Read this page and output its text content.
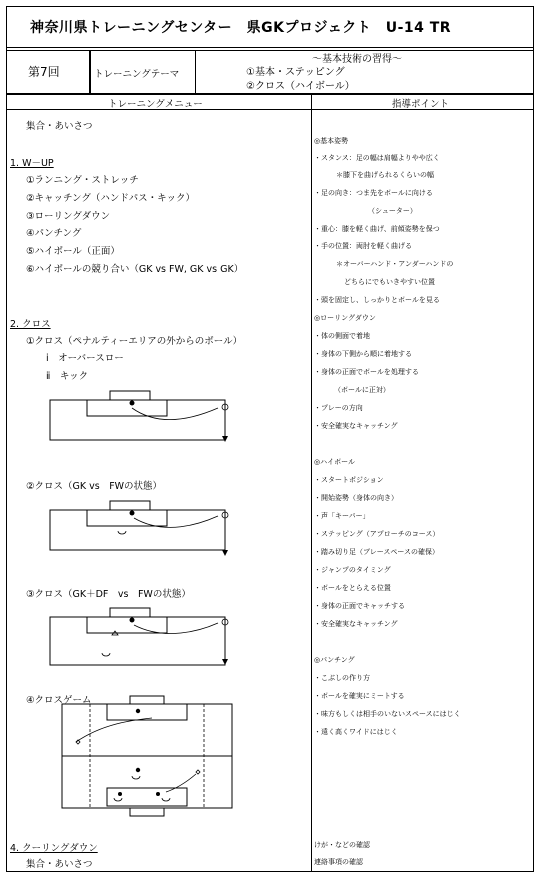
神奈川県トレーニングセンター　県GKプロジェクト　U-14 TR
第7回	トレーニングテーマ
～基本技術の習得～
①基本・ステッピング
②クロス（ハイボール）
トレーニングメニュー	指導ポイント
集合・あいさつ
1. W－UP
①ランニング・ストレッチ
②キャッチング（ハンドパス・キック）
③ローリングダウン
④パンチング
⑤ハイボール（正面）
⑥ハイボールの競り合い（GK vs FW, GK vs GK）
2. クロス
①クロス（ペナルティーエリアの外からのボール）
ⅰ　オーバースロー
ⅱ　キック
②クロス（GK vs　FWの状態）
③クロス（GK＋DF　vs　FWの状態）
④クロスゲーム
4. クーリングダウン
集合・あいさつ
◎基本姿勢
・スタンス：足の幅は肩幅よりやや広く
＊膝下を曲げられるくらいの幅
・足の向き：つま先をボールに向ける
（シューター）
・重心：膝を軽く曲げ、前傾姿勢を保つ
・手の位置：両肘を軽く曲げる
＊オーバーハンド・アンダーハンドの
どちらにでもいきやすい位置
・頭を固定し、しっかりとボールを見る
◎ローリングダウン
・体の側面で着地
・身体の下側から順に着地する
・身体の正面でボールを処理する
（ボールに正対）
・プレーの方向
・安全確実なキャッチング
◎ハイボール
・スタートポジション
・開始姿勢（身体の向き）
・声「キーパー」
・ステッピング（アプローチのコース）
・踏み切り足（ブレースペースの確保）
・ジャンプのタイミング
・ボールをとらえる位置
・身体の正面でキャッチする
・安全確実なキャッチング
◎パンチング
・こぶしの作り方
・ボールを確実にミートする
・味方もしくは相手のいないスペースにはじく
・遠く高くワイドにはじく
けが・などの確認
連絡事項の確認
